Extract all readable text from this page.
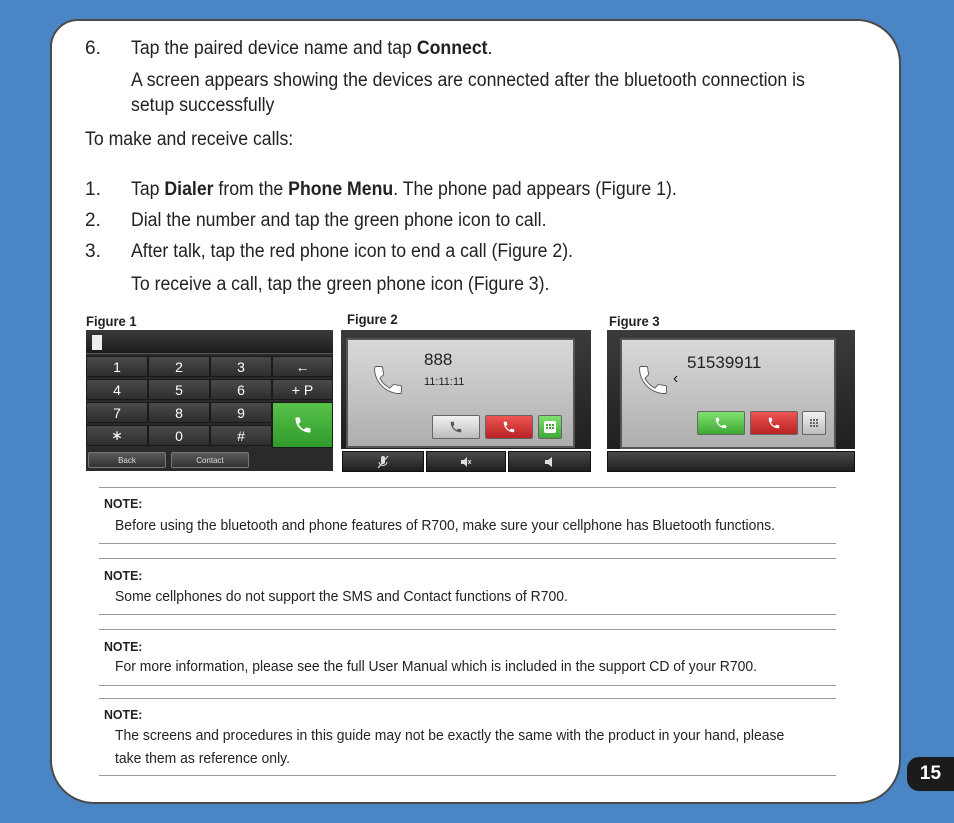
6. Tap the paired device name and tap Connect.
A screen appears showing the devices are connected after the bluetooth connection is
setup successfully
To make and receive calls:
1. Tap Dialer from the Phone Menu. The phone pad appears (Figure 1).
2. Dial the number and tap the green phone icon to call.
3. After talk, tap the red phone icon to end a call (Figure 2).
To receive a call, tap the green phone icon (Figure 3).
Figure 1	Figure 2	Figure 3
1	2	3	←
4	5	6	+ P
7	8	9
∗	0	#
Back	Contact
888
11:11:11	‹
51539911
NOTE:
Before using the bluetooth and phone features of R700, make sure your cellphone has Bluetooth functions.
NOTE:
Some cellphones do not support the SMS and Contact functions of R700.
NOTE:
For more information, please see the full User Manual which is included in the support CD of your R700.
NOTE:
The screens and procedures in this guide may not be exactly the same with the product in your hand, please
take them as reference only.
15
